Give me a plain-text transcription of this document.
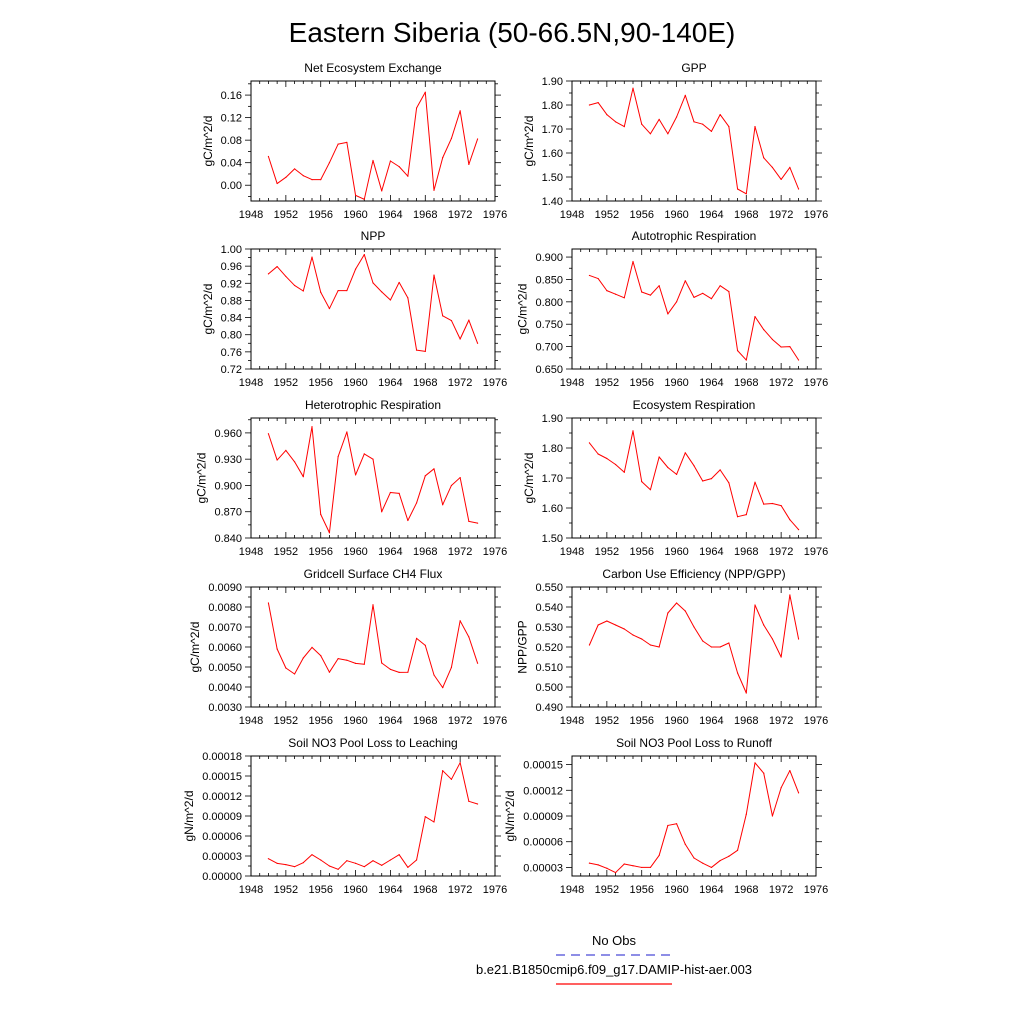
Eastern Siberia (50-66.5N,90-140E)
1948 1952 1956 1960 1964 1968 1972 1976
0.00
0.04
0.08
0.12
0.16
Net Ecosystem Exchange
gC/m^2/d
1948 1952 1956 1960 1964 1968 1972 1976
1.40
1.50
1.60
1.70
1.80
1.90
GPP
gC/m^2/d
1948 1952 1956 1960 1964 1968 1972 1976
0.72
0.76
0.80
0.84
0.88
0.92
0.96
1.00
NPP
gC/m^2/d
1948 1952 1956 1960 1964 1968 1972 1976
0.650
0.700
0.750
0.800
0.850
0.900
Autotrophic Respiration
gC/m^2/d
1948 1952 1956 1960 1964 1968 1972 1976
0.840
0.870
0.900
0.930
0.960
Heterotrophic Respiration
gC/m^2/d
1948 1952 1956 1960 1964 1968 1972 1976
1.50
1.60
1.70
1.80
1.90
Ecosystem Respiration
gC/m^2/d
1948 1952 1956 1960 1964 1968 1972 1976
0.0030
0.0040
0.0050
0.0060
0.0070
0.0080
0.0090
Gridcell Surface CH4 Flux
gC/m^2/d
1948 1952 1956 1960 1964 1968 1972 1976
0.490
0.500
0.510
0.520
0.530
0.540
0.550
Carbon Use Efficiency (NPP/GPP)
NPP/GPP
1948 1952 1956 1960 1964 1968 1972 1976
0.00000
0.00003
0.00006
0.00009
0.00012
0.00015
0.00018
Soil NO3 Pool Loss to Leaching
gN/m^2/d
1948 1952 1956 1960 1964 1968 1972 1976
0.00003
0.00006
0.00009
0.00012
0.00015
Soil NO3 Pool Loss to Runoff
gN/m^2/d
No Obs
b.e21.B1850cmip6.f09_g17.DAMIP-hist-aer.003
